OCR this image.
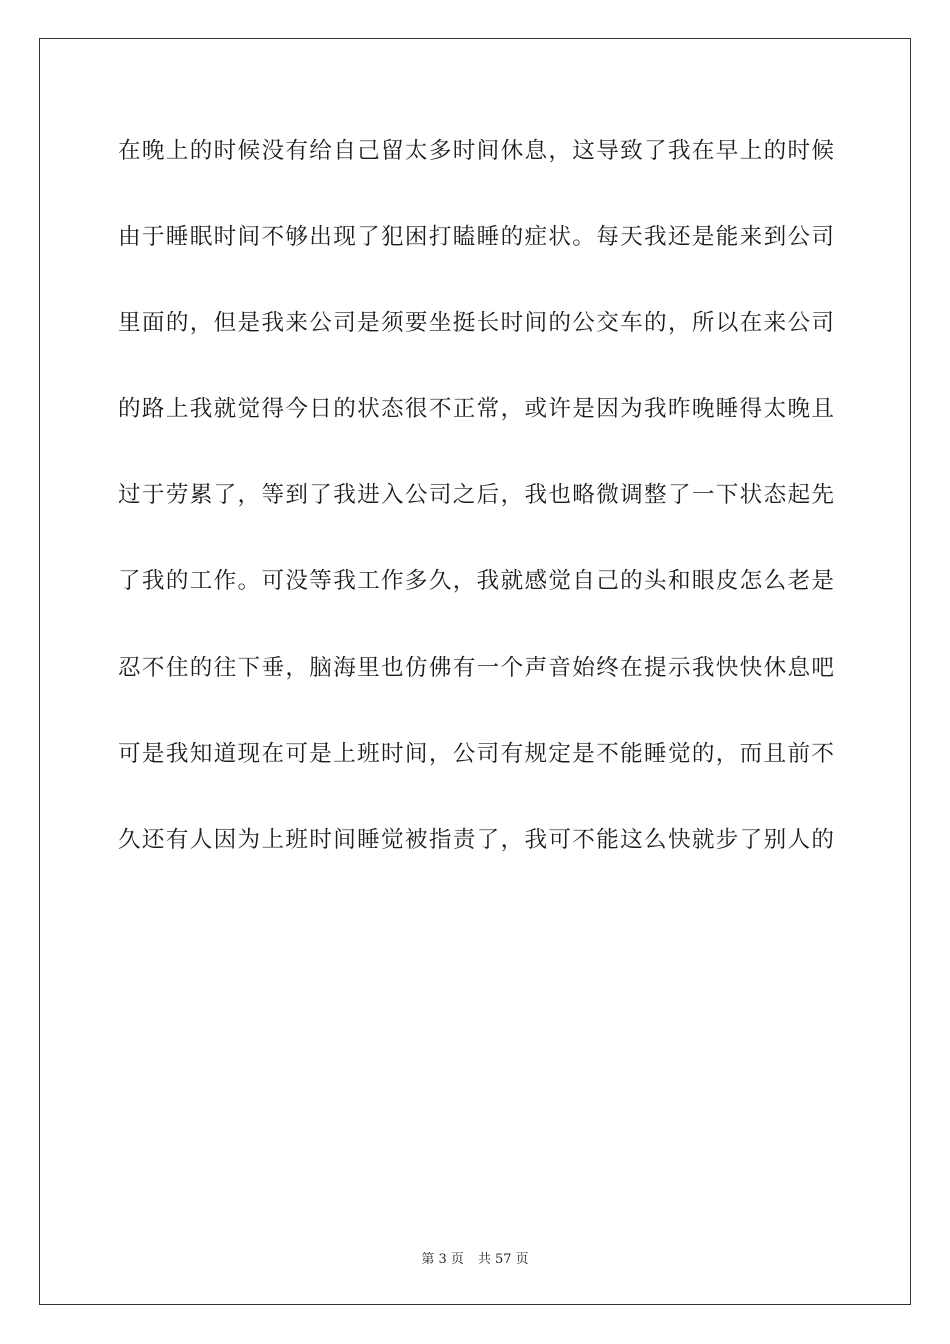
在晚上的时候没有给自己留太多时间休息，这导致了我在早上的时候
由于睡眠时间不够出现了犯困打瞌睡的症状。每天我还是能来到公司
里面的，但是我来公司是须要坐挺长时间的公交车的，所以在来公司
的路上我就觉得今日的状态很不正常，或许是因为我昨晚睡得太晚且
过于劳累了，等到了我进入公司之后，我也略微调整了一下状态起先
了我的工作。可没等我工作多久，我就感觉自己的头和眼皮怎么老是
忍不住的往下垂，脑海里也仿佛有一个声音始终在提示我快快休息吧
可是我知道现在可是上班时间，公司有规定是不能睡觉的，而且前不
久还有人因为上班时间睡觉被指责了，我可不能这么快就步了别人的
第 3 页 共 57 页
